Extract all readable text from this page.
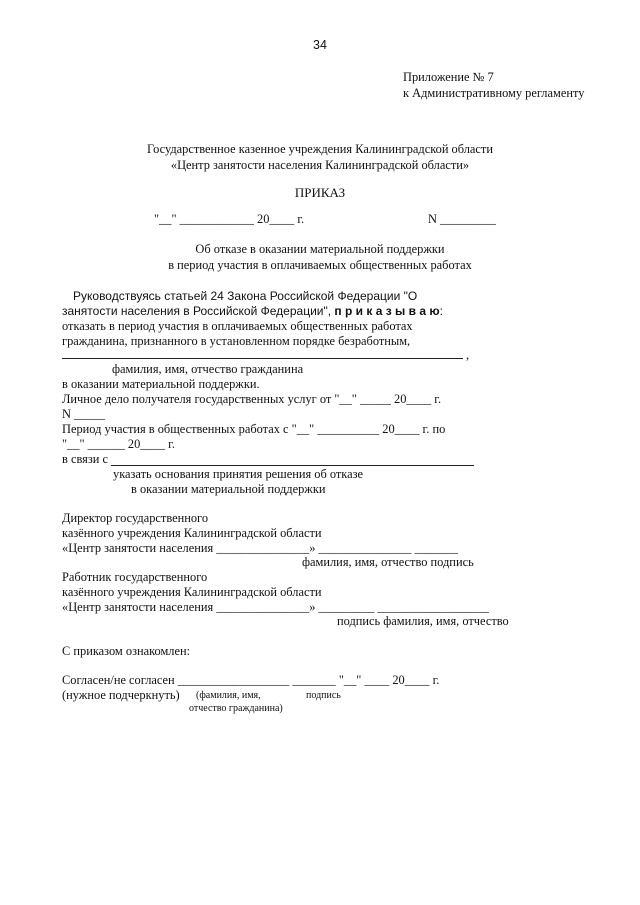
34
Приложение № 7
к Административному регламенту
Государственное казенное учреждения Калининградской области
«Центр занятости населения Калининградской области»
ПРИКАЗ
"__" ____________ 20____ г.	N _________
Об отказе в оказании материальной поддержки
в период участия в оплачиваемых общественных работах
Руководствуясь статьей 24 Закона Российской Федерации "О
занятости населения в Российской Федерации", п р и к а з ы в а ю:
отказать в период участия в оплачиваемых общественных работах
гражданина, признанного в установленном порядке безработным,
,
фамилия, имя, отчество гражданина
в оказании материальной поддержки.
Личное дело получателя государственных услуг от "__" _____ 20____ г.
N _____
Период участия в общественных работах с "__" __________ 20____ г. по
"__" ______ 20____ г.
в связи с
указать основания принятия решения об отказе
в оказании материальной поддержки
Директор государственного
казённого учреждения Калининградской области
«Центр занятости населения _______________» _______________ _______
фамилия, имя, отчество подпись
Работник государственного
казённого учреждения Калининградской области
«Центр занятости населения _______________» _________ __________________
подпись фамилия, имя, отчество
С приказом ознакомлен:
Согласен/не согласен __________________ _______ "__" ____ 20____ г.
(нужное подчеркнуть) (фамилия, имя,	подпись
отчество гражданина)
